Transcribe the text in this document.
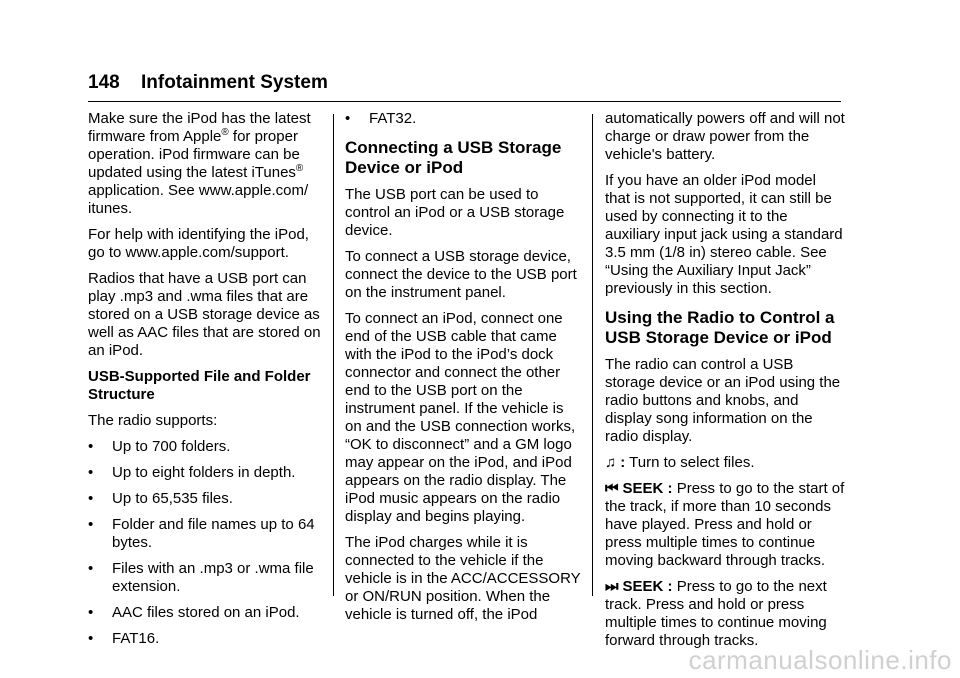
148 Infotainment System

Make sure the iPod has the latest firmware from Apple® for proper operation. iPod firmware can be updated using the latest iTunes® application. See www.apple.com/ itunes.

For help with identifying the iPod, go to www.apple.com/support.

Radios that have a USB port can play .mp3 and .wma files that are stored on a USB storage device as well as AAC files that are stored on an iPod.

USB-Supported File and Folder Structure

The radio supports:

• Up to 700 folders.
• Up to eight folders in depth.
• Up to 65,535 files.
• Folder and file names up to 64 bytes.
• Files with an .mp3 or .wma file extension.
• AAC files stored on an iPod.
• FAT16.
• FAT32.
Connecting a USB Storage Device or iPod

The USB port can be used to control an iPod or a USB storage device.

To connect a USB storage device, connect the device to the USB port on the instrument panel.

To connect an iPod, connect one end of the USB cable that came with the iPod to the iPod’s dock connector and connect the other end to the USB port on the instrument panel. If the vehicle is on and the USB connection works, “OK to disconnect” and a GM logo may appear on the iPod, and iPod appears on the radio display. The iPod music appears on the radio display and begins playing.

The iPod charges while it is connected to the vehicle if the vehicle is in the ACC/ACCESSORY or ON/RUN position. When the vehicle is turned off, the iPod

automatically powers off and will not charge or draw power from the vehicle's battery.

If you have an older iPod model that is not supported, it can still be used by connecting it to the auxiliary input jack using a standard 3.5 mm (1/8 in) stereo cable. See “Using the Auxiliary Input Jack” previously in this section.

Using the Radio to Control a USB Storage Device or iPod

The radio can control a USB storage device or an iPod using the radio buttons and knobs, and display song information on the radio display.

♫ : Turn to select files.

⏮ SEEK : Press to go to the start of the track, if more than 10 seconds have played. Press and hold or press multiple times to continue moving backward through tracks.

⏭ SEEK : Press to go to the next track. Press and hold or press multiple times to continue moving forward through tracks.

carmanualsonline.info
